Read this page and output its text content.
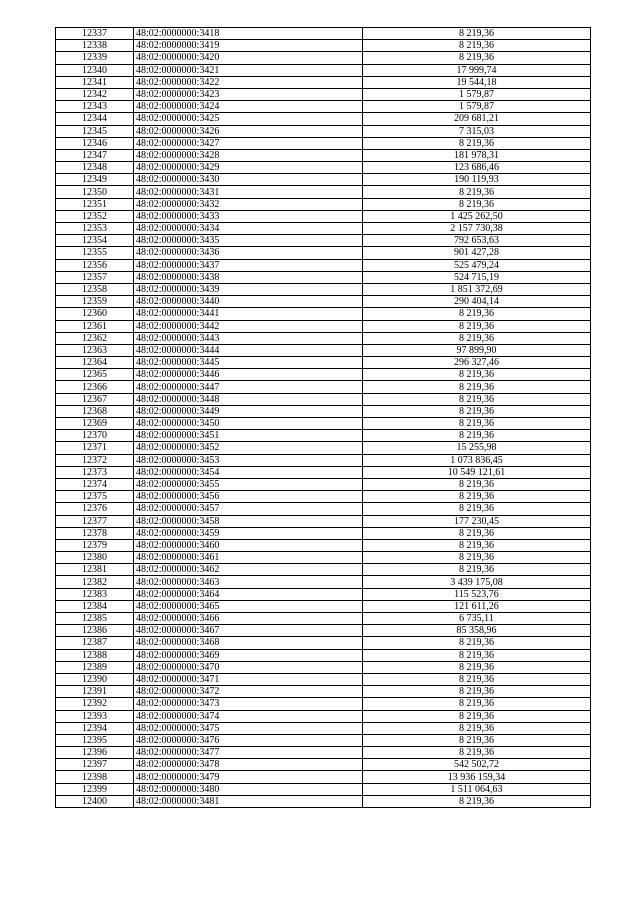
12337	48:02:0000000:3418	8 219,36
12338	48:02:0000000:3419	8 219,36
12339	48:02:0000000:3420	8 219,36
12340	48:02:0000000:3421	17 999,74
12341	48:02:0000000:3422	19 544,18
12342	48:02:0000000:3423	1 579,87
12343	48:02:0000000:3424	1 579,87
12344	48:02:0000000:3425	209 681,21
12345	48:02:0000000:3426	7 315,03
12346	48:02:0000000:3427	8 219,36
12347	48:02:0000000:3428	181 978,31
12348	48:02:0000000:3429	123 686,46
12349	48:02:0000000:3430	190 119,93
12350	48:02:0000000:3431	8 219,36
12351	48:02:0000000:3432	8 219,36
12352	48:02:0000000:3433	1 425 262,50
12353	48:02:0000000:3434	2 157 730,38
12354	48:02:0000000:3435	792 653,63
12355	48:02:0000000:3436	901 427,28
12356	48:02:0000000:3437	525 479,24
12357	48:02:0000000:3438	524 715,19
12358	48:02:0000000:3439	1 851 372,69
12359	48:02:0000000:3440	290 404,14
12360	48:02:0000000:3441	8 219,36
12361	48:02:0000000:3442	8 219,36
12362	48:02:0000000:3443	8 219,36
12363	48:02:0000000:3444	97 899,90
12364	48:02:0000000:3445	296 327,46
12365	48:02:0000000:3446	8 219,36
12366	48:02:0000000:3447	8 219,36
12367	48:02:0000000:3448	8 219,36
12368	48:02:0000000:3449	8 219,36
12369	48:02:0000000:3450	8 219,36
12370	48:02:0000000:3451	8 219,36
12371	48:02:0000000:3452	15 255,98
12372	48:02:0000000:3453	1 073 836,45
12373	48:02:0000000:3454	10 549 121,61
12374	48:02:0000000:3455	8 219,36
12375	48:02:0000000:3456	8 219,36
12376	48:02:0000000:3457	8 219,36
12377	48:02:0000000:3458	177 230,45
12378	48:02:0000000:3459	8 219,36
12379	48:02:0000000:3460	8 219,36
12380	48:02:0000000:3461	8 219,36
12381	48:02:0000000:3462	8 219,36
12382	48:02:0000000:3463	3 439 175,08
12383	48:02:0000000:3464	115 523,76
12384	48:02:0000000:3465	121 611,26
12385	48:02:0000000:3466	6 735,11
12386	48:02:0000000:3467	85 358,96
12387	48:02:0000000:3468	8 219,36
12388	48:02:0000000:3469	8 219,36
12389	48:02:0000000:3470	8 219,36
12390	48:02:0000000:3471	8 219,36
12391	48:02:0000000:3472	8 219,36
12392	48:02:0000000:3473	8 219,36
12393	48:02:0000000:3474	8 219,36
12394	48:02:0000000:3475	8 219,36
12395	48:02:0000000:3476	8 219,36
12396	48:02:0000000:3477	8 219,36
12397	48:02:0000000:3478	542 502,72
12398	48:02:0000000:3479	13 936 159,34
12399	48:02:0000000:3480	1 511 064,63
12400	48:02:0000000:3481	8 219,36
